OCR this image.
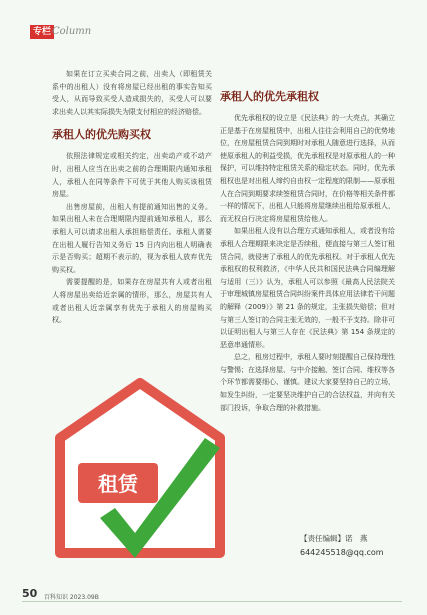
专栏 Column

如果在订立买卖合同之前，出卖人（即租赁关系中的出租人）没有将房屋已经出租的事实告知买受人，从而导致买受人造成损失的，买受人可以要求出卖人以其实际损失为限支付相应的经济赔偿。

承租人的优先购买权

依照法律规定或相关约定，出卖动产或不动产时，出租人应当在出卖之前的合理期限内通知承租人，承租人在同等条件下可优于其他人购买该租赁房屋。

出售房屋前，出租人有提前通知出售的义务。如果出租人未在合理期限内提前通知承租人，那么承租人可以请求出租人承担赔偿责任。承租人需要在出租人履行告知义务后 15 日内向出租人明确表示是否购买；超期不表示的，视为承租人放弃优先购买权。

需要提醒的是，如果存在房屋共有人或者出租人将房屋出卖给近亲属的情形，那么，房屋共有人或者出租人近亲属享有优先于承租人的房屋购买权。

承租人的优先承租权

优先承租权的设立是《民法典》的一大亮点，其确立正是基于在房屋租赁中，出租人往往会利用自己的优势地位，在房屋租赁合同到期时对承租人随意进行选择，从而使原承租人的利益受损，优先承租权是对原承租人的一种保护，可以维持特定租赁关系的稳定状态。同时，优先承租权也是对出租人缔约自由权一定程度的限制——原承租人在合同到期要求续签租赁合同时，在价格等相关条件都一样的情况下，出租人只能将房屋继续出租给原承租人，而无权自行决定将房屋租赁给他人。

如果出租人没有以合理方式通知承租人，或者没有给承租人合理期限来决定是否续租，便直接与第三人签订租赁合同，就侵害了承租人的优先承租权。对于承租人优先承租权的权利救济，《中华人民共和国民法典合同编理解与适用（三）》认为，承租人可以参照《最高人民法院关于审理城镇房屋租赁合同纠纷案件具体应用法律若干问题的解释（2009）》第 21 条的规定，主张损失赔偿；但对与第三人签订的合同主张无效的，一般不予支持。除非可以证明出租人与第三人存在《民法典》第 154 条规定的恶意串通情形。

总之，租房过程中，承租人要时刻提醒自己保持理性与警惕；在选择房屋、与中介接触、签订合同、维权等各个环节都需要细心、谨慎。建议大家要坚持自己的立场，如发生纠纷，一定要坚决维护自己的合法权益，并向有关部门投诉，争取合理的补救措施。

租赁
【责任编辑】诺　燕
644245518@qq.com
50 百科知识 2023.09B
